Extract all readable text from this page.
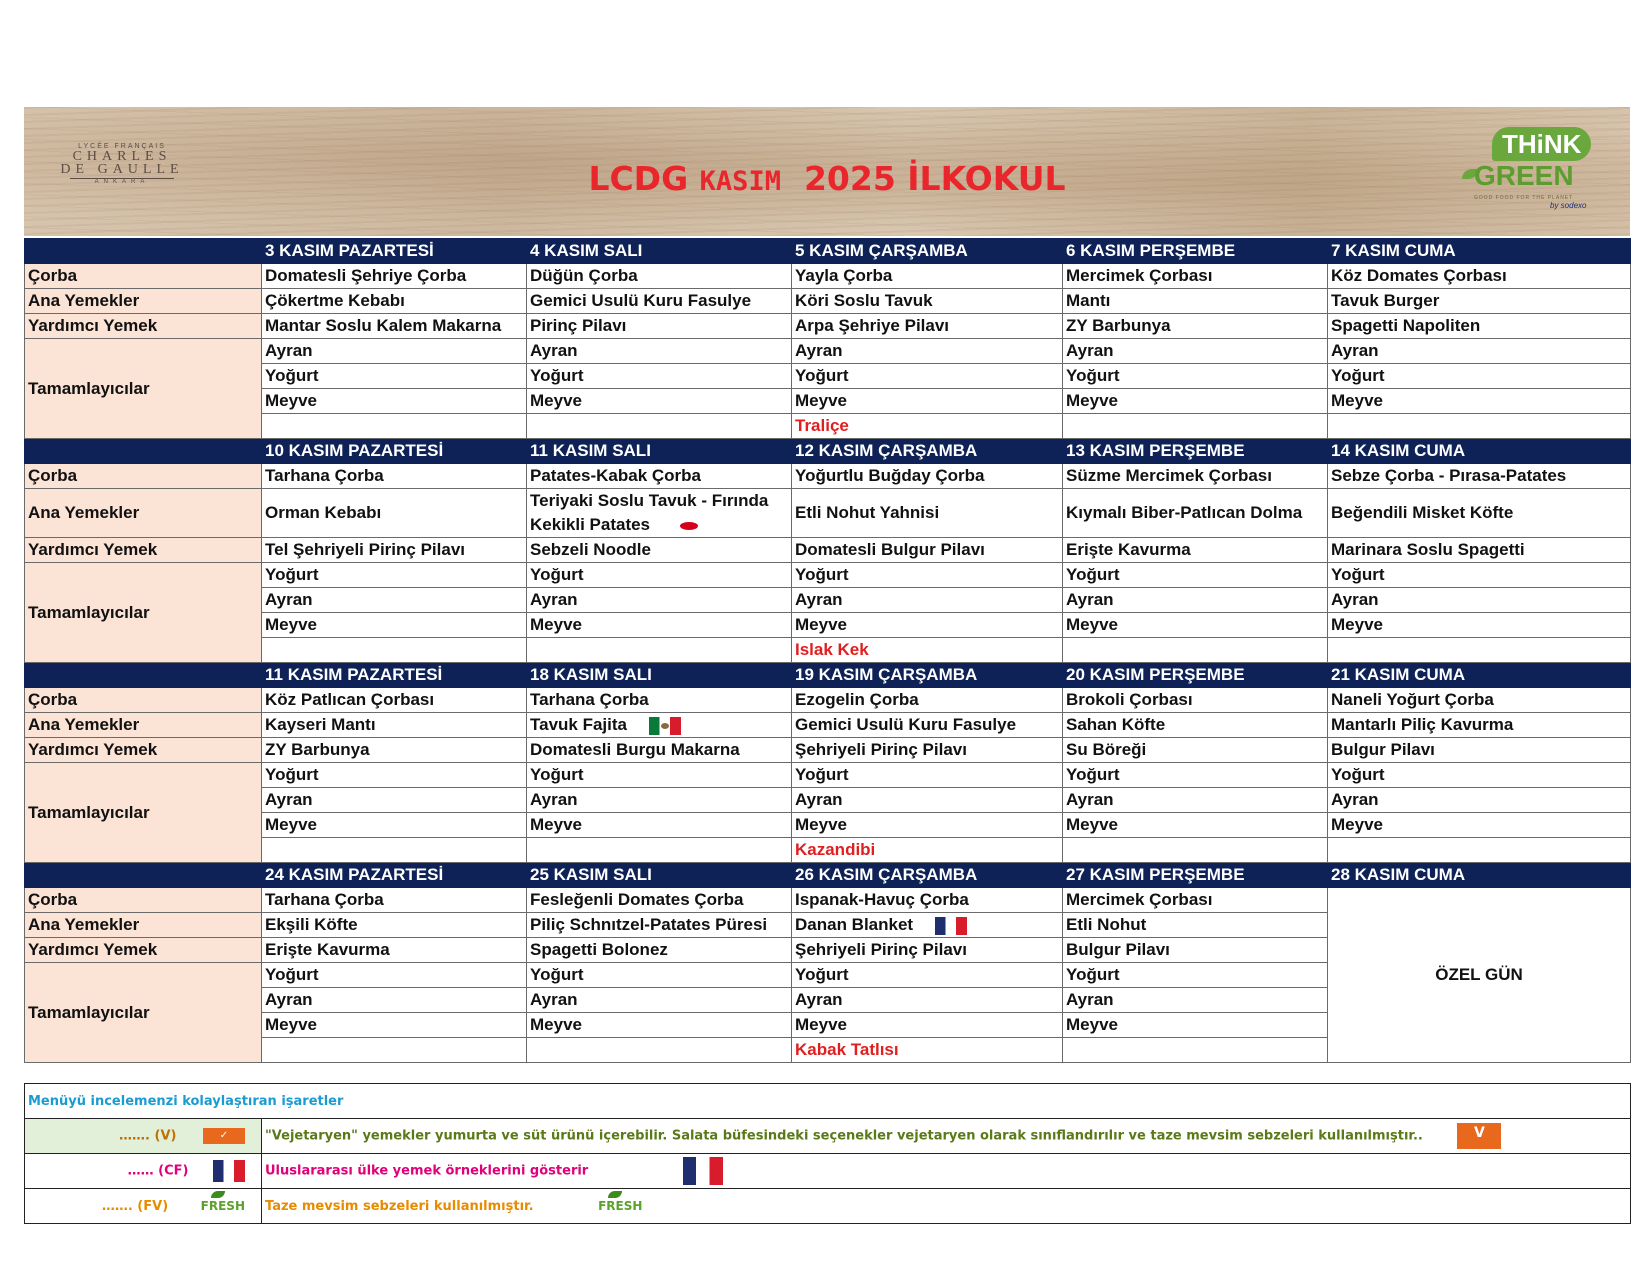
LYCÉE FRANÇAIS
CHARLES
DE GAULLE
ANKARA	LCDG KASIM 2025 İLKOKUL
THiNK
GREEN
GOOD FOOD FOR THE PLANET
by sodexo
	3 KASIM PAZARTESİ	4 KASIM SALI	5 KASIM ÇARŞAMBA	6 KASIM PERŞEMBE	7 KASIM CUMA
Çorba	Domatesli Şehriye Çorba	Düğün Çorba	Yayla Çorba	Mercimek Çorbası	Köz Domates Çorbası
Ana Yemekler	Çökertme Kebabı	Gemici Usulü Kuru Fasulye	Köri Soslu Tavuk	Mantı	Tavuk Burger
Yardımcı Yemek	Mantar Soslu Kalem Makarna	Pirinç Pilavı	Arpa Şehriye Pilavı	ZY Barbunya	Spagetti Napoliten
Tamamlayıcılar	Ayran	Ayran	Ayran	Ayran	Ayran
	Yoğurt	Yoğurt	Yoğurt	Yoğurt	Yoğurt
	Meyve	Meyve	Meyve	Meyve	Meyve
			Traliçe		
	10 KASIM PAZARTESİ	11 KASIM SALI	12 KASIM ÇARŞAMBA	13 KASIM PERŞEMBE	14 KASIM CUMA
Çorba	Tarhana Çorba	Patates-Kabak Çorba	Yoğurtlu Buğday Çorba	Süzme Mercimek Çorbası	Sebze Çorba - Pırasa-Patates
Ana Yemekler	Orman Kebabı	Teriyaki Soslu Tavuk - Fırında Kekikli Patates	Etli Nohut Yahnisi	Kıymalı Biber-Patlıcan Dolma	Beğendili Misket Köfte
Yardımcı Yemek	Tel Şehriyeli Pirinç Pilavı	Sebzeli Noodle	Domatesli Bulgur Pilavı	Erişte Kavurma	Marinara Soslu Spagetti
Tamamlayıcılar	Yoğurt	Yoğurt	Yoğurt	Yoğurt	Yoğurt
	Ayran	Ayran	Ayran	Ayran	Ayran
	Meyve	Meyve	Meyve	Meyve	Meyve
			Islak Kek		
	11 KASIM PAZARTESİ	18 KASIM SALI	19 KASIM ÇARŞAMBA	20 KASIM PERŞEMBE	21 KASIM CUMA
Çorba	Köz Patlıcan Çorbası	Tarhana Çorba	Ezogelin Çorba	Brokoli Çorbası	Naneli Yoğurt Çorba
Ana Yemekler	Kayseri Mantı	Tavuk Fajita	Gemici Usulü Kuru Fasulye	Sahan Köfte	Mantarlı Piliç Kavurma
Yardımcı Yemek	ZY Barbunya	Domatesli Burgu Makarna	Şehriyeli Pirinç Pilavı	Su Böreği	Bulgur Pilavı
Tamamlayıcılar	Yoğurt	Yoğurt	Yoğurt	Yoğurt	Yoğurt
	Ayran	Ayran	Ayran	Ayran	Ayran
	Meyve	Meyve	Meyve	Meyve	Meyve
			Kazandibi		
	24 KASIM PAZARTESİ	25 KASIM SALI	26 KASIM ÇARŞAMBA	27 KASIM PERŞEMBE	28 KASIM CUMA
Çorba	Tarhana Çorba	Fesleğenli Domates Çorba	Ispanak-Havuç Çorba	Mercimek Çorbası	ÖZEL GÜN
Ana Yemekler	Ekşili Köfte	Piliç Schnıtzel-Patates Püresi	Danan Blanket	Etli Nohut	
Yardımcı Yemek	Erişte Kavurma	Spagetti Bolonez	Şehriyeli Pirinç Pilavı	Bulgur Pilavı	
Tamamlayıcılar	Yoğurt	Yoğurt	Yoğurt	Yoğurt	
	Ayran	Ayran	Ayran	Ayran	
	Meyve	Meyve	Meyve	Meyve	
			Kabak Tatlısı		
Menüyü incelemenzi kolaylaştıran işaretler	
……. (V) ✓	"Vejetaryen" yemekler yumurta ve süt ürünü içerebilir. Salata büfesindeki seçenekler vejetaryen olarak sınıflandırılır ve taze mevsim sebzeleri kullanılmıştır.. V
…… (CF)	Uluslararası ülke yemek örneklerini gösterir
……. (FV) FRESH	Taze mevsim sebzeleri kullanılmıştır. FRESH
